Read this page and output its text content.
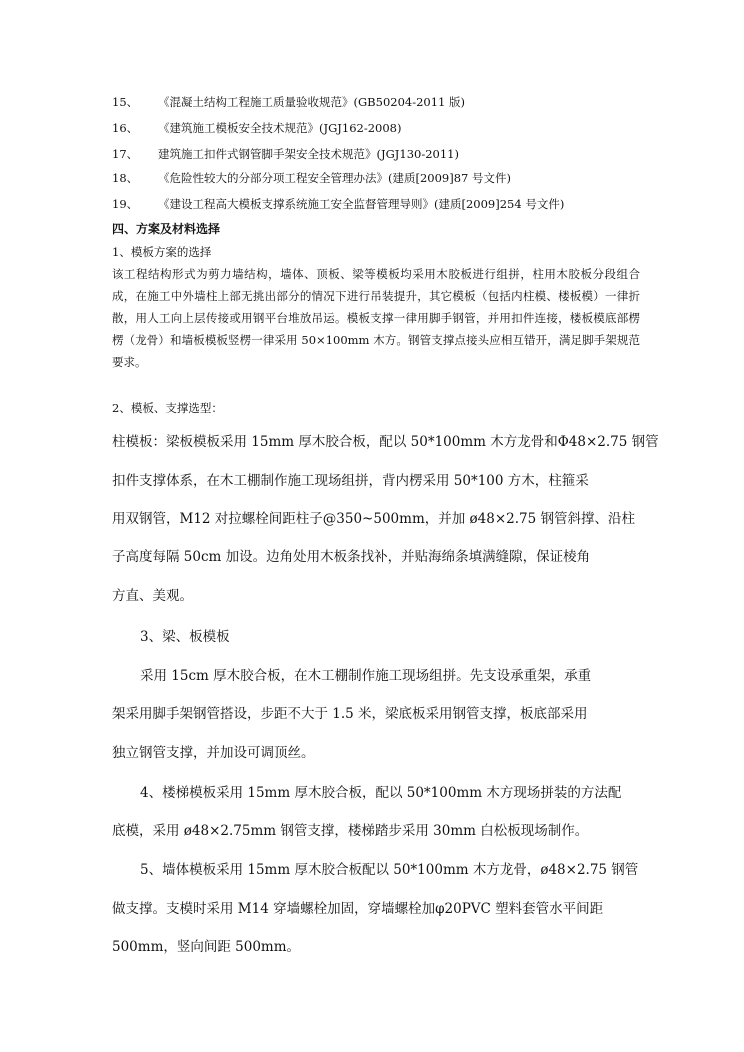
15、 《混凝土结构工程施工质量验收规范》(GB50204-2011 版)
16、 《建筑施工模板安全技术规范》(JGJ162-2008)
17、 建筑施工扣件式钢管脚手架安全技术规范》(JGJ130-2011)
18、 《危险性较大的分部分项工程安全管理办法》(建质[2009]87 号文件)
19、 《建设工程高大模板支撑系统施工安全监督管理导则》(建质[2009]254 号文件)
四、方案及材料选择
1、模板方案的选择
该工程结构形式为剪力墙结构，墙体、顶板、梁等模板均采用木胶板进行组拼，柱用木胶板分段组合成，在施工中外墙柱上部无挑出部分的情况下进行吊装提升，其它模板（包括内柱模、楼板模）一律折散，用人工向上层传接或用钢平台堆放吊运。模板支撑一律用脚手钢管，并用扣件连接，楼板模底部楞楞（龙骨）和墙板模板竖楞一律采用 50×100mm 木方。钢管支撑点接头应相互错开，满足脚手架规范要求。
2、模板、支撑选型：
柱模板：梁板模板采用 15mm 厚木胶合板，配以 50*100mm 木方龙骨和Φ48×2.75 钢管
扣件支撑体系，在木工棚制作施工现场组拼，背内楞采用 50*100 方木，柱箍采
用双钢管，M12 对拉螺栓间距柱子@350~500mm，并加 ø48×2.75 钢管斜撑、沿柱
子高度每隔 50cm 加设。边角处用木板条找补，并贴海绵条填满缝隙，保证棱角
方直、美观。
3、梁、板模板
采用 15cm 厚木胶合板，在木工棚制作施工现场组拼。先支设承重架，承重
架采用脚手架钢管搭设，步距不大于 1.5 米，梁底板采用钢管支撑，板底部采用
独立钢管支撑，并加设可调顶丝。
4、楼梯模板采用 15mm 厚木胶合板，配以 50*100mm 木方现场拼装的方法配
底模，采用 ø48×2.75mm 钢管支撑，楼梯踏步采用 30mm 白松板现场制作。
5、墙体模板采用 15mm 厚木胶合板配以 50*100mm 木方龙骨，ø48×2.75 钢管
做支撑。支模时采用 M14 穿墙螺栓加固，穿墙螺栓加φ20PVC 塑料套管水平间距
500mm，竖向间距 500mm。
